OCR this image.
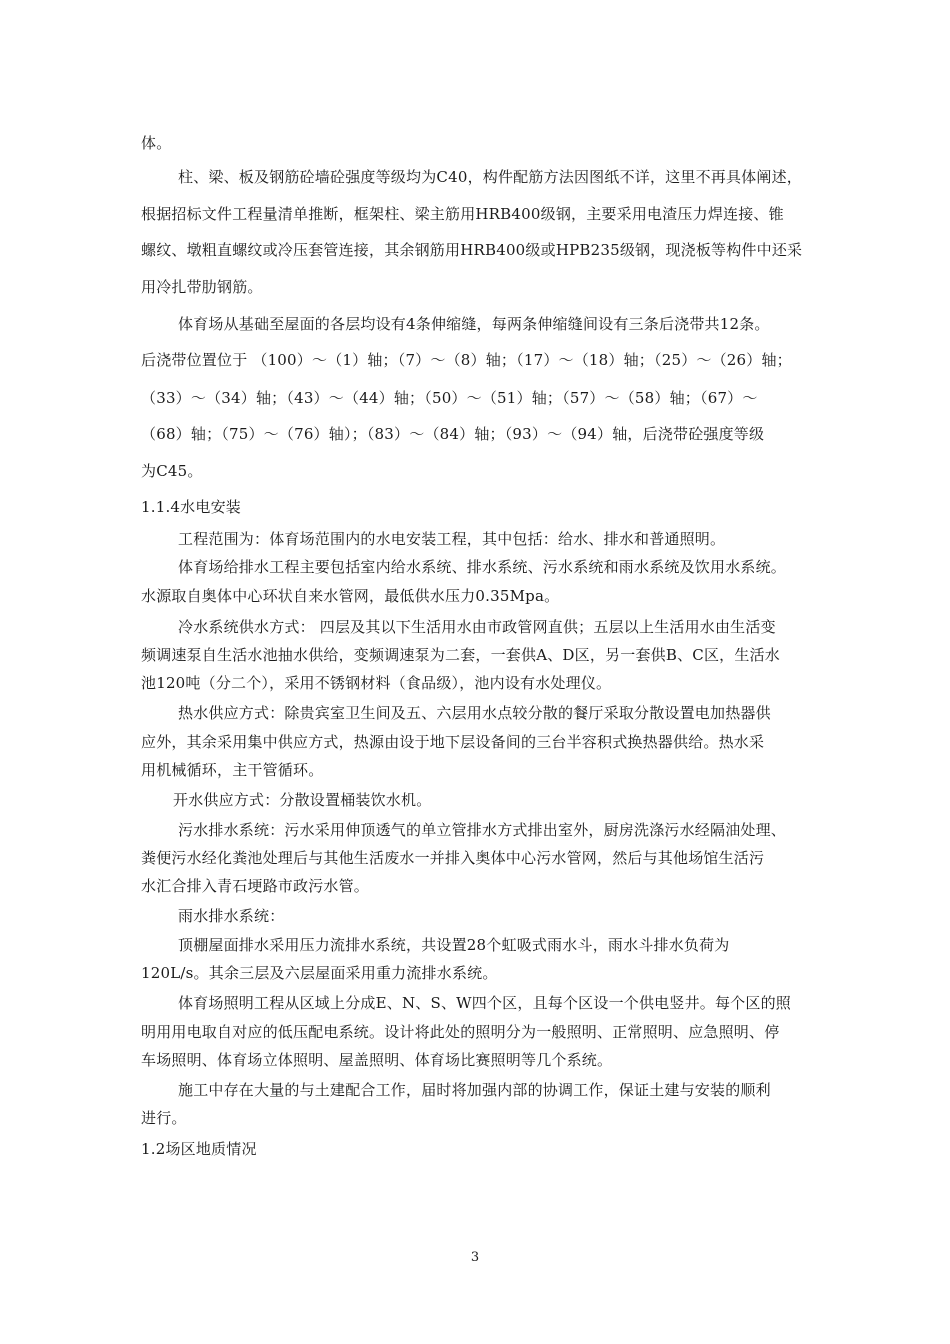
体。

柱、梁、板及钢筋砼墙砼强度等级均为C40，构件配筋方法因图纸不详，这里不再具体阐述，

根据招标文件工程量清单推断，框架柱、梁主筋用HRB400级钢，主要采用电渣压力焊连接、锥

螺纹、墩粗直螺纹或冷压套管连接，其余钢筋用HRB400级或HPB235级钢，现浇板等构件中还采

用冷扎带肋钢筋。

体育场从基础至屋面的各层均设有4条伸缩缝，每两条伸缩缝间设有三条后浇带共12条。

后浇带位置位于 （100）～（1）轴；（7）～（8）轴；（17）～（18）轴；（25）～（26）轴；

（33）～（34）轴；（43）～（44）轴；（50）～（51）轴；（57）～（58）轴；（67）～

（68）轴；（75）～（76）轴）；（83）～（84）轴；（93）～（94）轴，后浇带砼强度等级

为C45。

1.1.4水电安装

工程范围为：体育场范围内的水电安装工程，其中包括：给水、排水和普通照明。

体育场给排水工程主要包括室内给水系统、排水系统、污水系统和雨水系统及饮用水系统。

水源取自奥体中心环状自来水管网，最低供水压力0.35Mpa。

冷水系统供水方式： 四层及其以下生活用水由市政管网直供；五层以上生活用水由生活变

频调速泵自生活水池抽水供给，变频调速泵为二套，一套供A、D区，另一套供B、C区，生活水

池120吨（分二个），采用不锈钢材料（食品级），池内设有水处理仪。

热水供应方式：除贵宾室卫生间及五、六层用水点较分散的餐厅采取分散设置电加热器供

应外，其余采用集中供应方式，热源由设于地下层设备间的三台半容积式换热器供给。热水采

用机械循环，主干管循环。

开水供应方式：分散设置桶装饮水机。

污水排水系统：污水采用伸顶透气的单立管排水方式排出室外，厨房洗涤污水经隔油处理、

粪便污水经化粪池处理后与其他生活废水一并排入奥体中心污水管网，然后与其他场馆生活污

水汇合排入青石埂路市政污水管。

雨水排水系统：

顶棚屋面排水采用压力流排水系统，共设置28个虹吸式雨水斗，雨水斗排水负荷为

120L/s。其余三层及六层屋面采用重力流排水系统。

体育场照明工程从区域上分成E、N、S、W四个区，且每个区设一个供电竖井。每个区的照

明用用电取自对应的低压配电系统。设计将此处的照明分为一般照明、正常照明、应急照明、停

车场照明、体育场立体照明、屋盖照明、体育场比赛照明等几个系统。

施工中存在大量的与土建配合工作，届时将加强内部的协调工作，保证土建与安装的顺利

进行。

1.2场区地质情况

3
